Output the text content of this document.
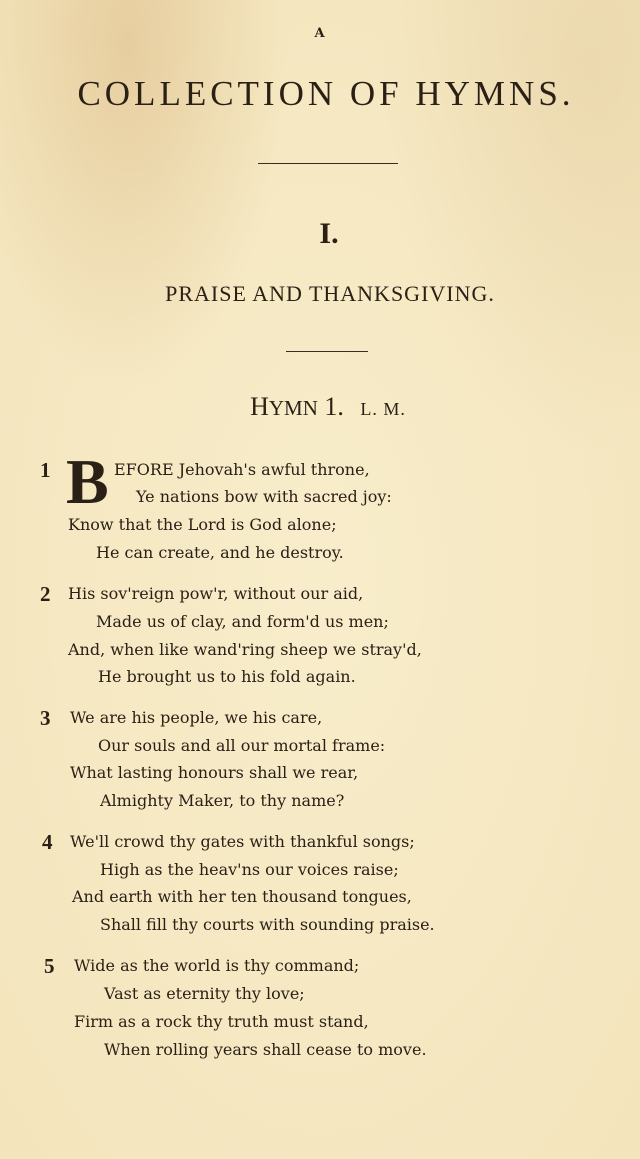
A
COLLECTION OF HYMNS.
I.
PRAISE AND THANKSGIVING.
HYMN 1. L. M.
1 B EFORE Jehovah's awful throne,
Ye nations bow with sacred joy:
Know that the Lord is God alone;
He can create, and he destroy.
2 His sov'reign pow'r, without our aid,
Made us of clay, and form'd us men;
And, when like wand'ring sheep we stray'd,
He brought us to his fold again.
3 We are his people, we his care,
Our souls and all our mortal frame:
What lasting honours shall we rear,
Almighty Maker, to thy name?
4 We'll crowd thy gates with thankful songs;
High as the heav'ns our voices raise;
And earth with her ten thousand tongues,
Shall fill thy courts with sounding praise.
5 Wide as the world is thy command;
Vast as eternity thy love;
Firm as a rock thy truth must stand,
When rolling years shall cease to move.
